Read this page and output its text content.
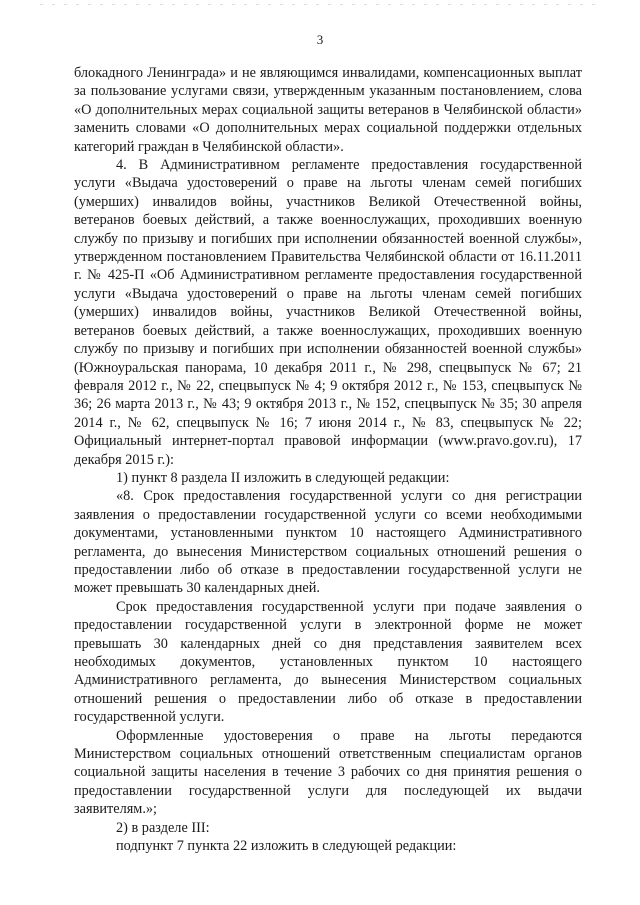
3

блокадного Ленинграда» и не являющимся инвалидами, компенсационных выплат за пользование услугами связи, утвержденным указанным постановлением, слова «О дополнительных мерах социальной защиты ветеранов в Челябинской области» заменить словами «О дополнительных мерах социальной поддержки отдельных категорий граждан в Челябинской области».

4. В Административном регламенте предоставления государственной услуги «Выдача удостоверений о праве на льготы членам семей погибших (умерших) инвалидов войны, участников Великой Отечественной войны, ветеранов боевых действий, а также военнослужащих, проходивших военную службу по призыву и погибших при исполнении обязанностей военной службы», утвержденном постановлением Правительства Челябинской области от 16.11.2011 г. № 425-П «Об Административном регламенте предоставления государственной услуги «Выдача удостоверений о праве на льготы членам семей погибших (умерших) инвалидов войны, участников Великой Отечественной войны, ветеранов боевых действий, а также военнослужащих, проходивших военную службу по призыву и погибших при исполнении обязанностей военной службы» (Южноуральская панорама, 10 декабря 2011 г., № 298, спецвыпуск № 67; 21 февраля 2012 г., № 22, спецвыпуск № 4; 9 октября 2012 г., № 153, спецвыпуск № 36; 26 марта 2013 г., № 43; 9 октября 2013 г., № 152, спецвыпуск № 35; 30 апреля 2014 г., № 62, спецвыпуск № 16; 7 июня 2014 г., № 83, спецвыпуск № 22; Официальный интернет-портал правовой информации (www.pravo.gov.ru), 17 декабря 2015 г.):

1) пункт 8 раздела II изложить в следующей редакции:

«8. Срок предоставления государственной услуги со дня регистрации заявления о предоставлении государственной услуги со всеми необходимыми документами, установленными пунктом 10 настоящего Административного регламента, до вынесения Министерством социальных отношений решения о предоставлении либо об отказе в предоставлении государственной услуги не может превышать 30 календарных дней.

Срок предоставления государственной услуги при подаче заявления о предоставлении государственной услуги в электронной форме не может превышать 30 календарных дней со дня представления заявителем всех необходимых документов, установленных пунктом 10 настоящего Административного регламента, до вынесения Министерством социальных отношений решения о предоставлении либо об отказе в предоставлении государственной услуги.

Оформленные удостоверения о праве на льготы передаются Министерством социальных отношений ответственным специалистам органов социальной защиты населения в течение 3 рабочих со дня принятия решения о предоставлении государственной услуги для последующей их выдачи заявителям.»;

2) в разделе III:

подпункт 7 пункта 22 изложить в следующей редакции:
